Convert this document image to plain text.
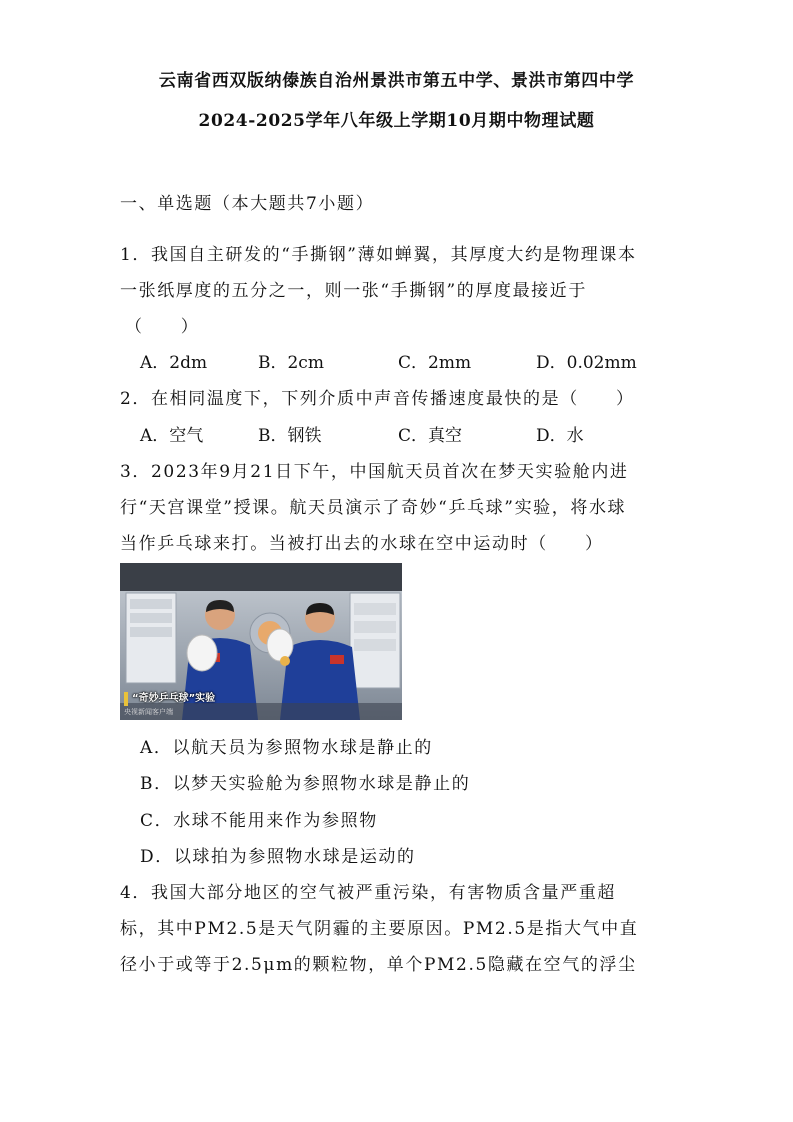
云南省西双版纳傣族自治州景洪市第五中学、景洪市第四中学
2024-2025学年八年级上学期10月期中物理试题
一、单选题（本大题共7小题）
1．我国自主研发的“手撕钢”薄如蝉翼，其厚度大约是物理课本
一张纸厚度的五分之一，则一张“手撕钢”的厚度最接近于
（　　）
A．2dm	B．2cm	C．2mm	D．0.02mm
2．在相同温度下，下列介质中声音传播速度最快的是（　　）
A．空气	B．钢铁	C．真空	D．水
3．2023年9月21日下午，中国航天员首次在梦天实验舱内进
行“天宫课堂”授课。航天员演示了奇妙“乒乓球”实验，将水球
当作乒乓球来打。当被打出去的水球在空中运动时（　　）
“奇妙乒乓球”实验
央视新闻客户端
A．以航天员为参照物水球是静止的
B．以梦天实验舱为参照物水球是静止的
C．水球不能用来作为参照物
D．以球拍为参照物水球是运动的
4．我国大部分地区的空气被严重污染，有害物质含量严重超
标，其中PM2.5是天气阴霾的主要原因。PM2.5是指大气中直
径小于或等于2.5μm的颗粒物，单个PM2.5隐藏在空气的浮尘
